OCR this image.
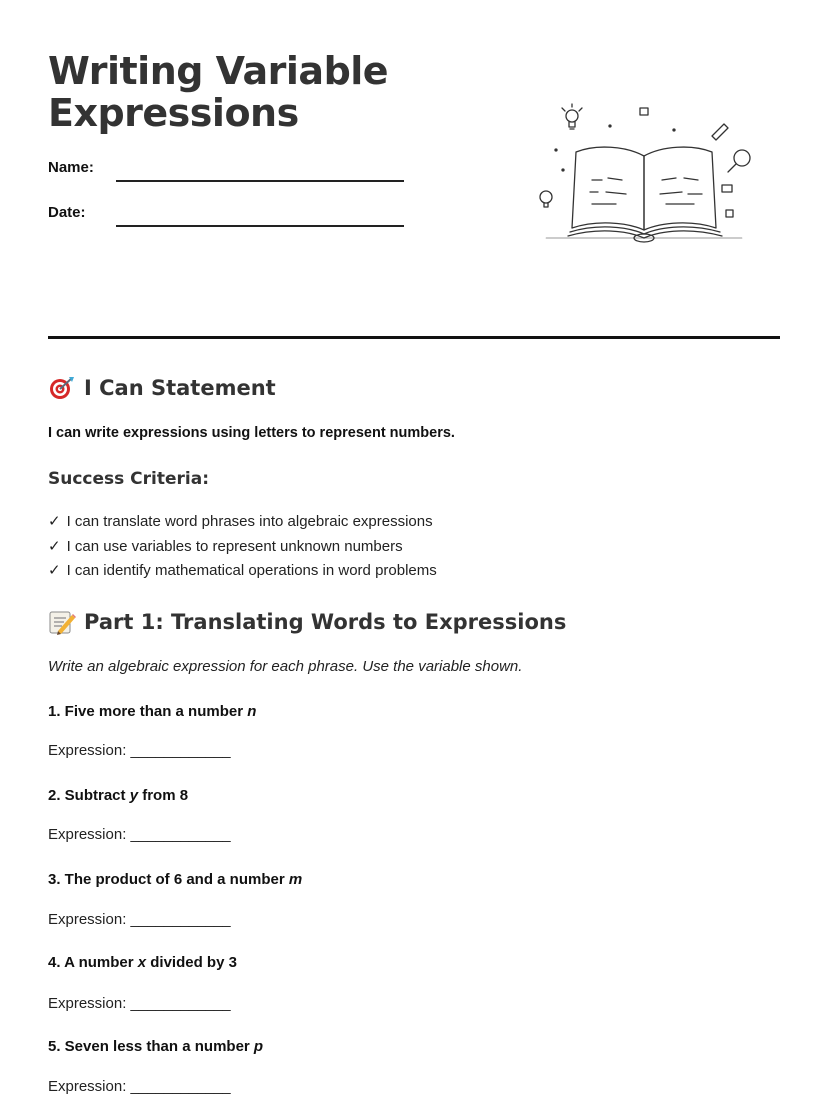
Writing Variable
Expressions
Name:
Date:
I Can Statement
I can write expressions using letters to represent numbers.
Success Criteria:
✓ I can translate word phrases into algebraic expressions
✓ I can use variables to represent unknown numbers
✓ I can identify mathematical operations in word problems
Part 1: Translating Words to Expressions
Write an algebraic expression for each phrase. Use the variable shown.
1. Five more than a number n
Expression: ____________
2. Subtract y from 8
Expression: ____________
3. The product of 6 and a number m
Expression: ____________
4. A number x divided by 3
Expression: ____________
5. Seven less than a number p
Expression: ____________
